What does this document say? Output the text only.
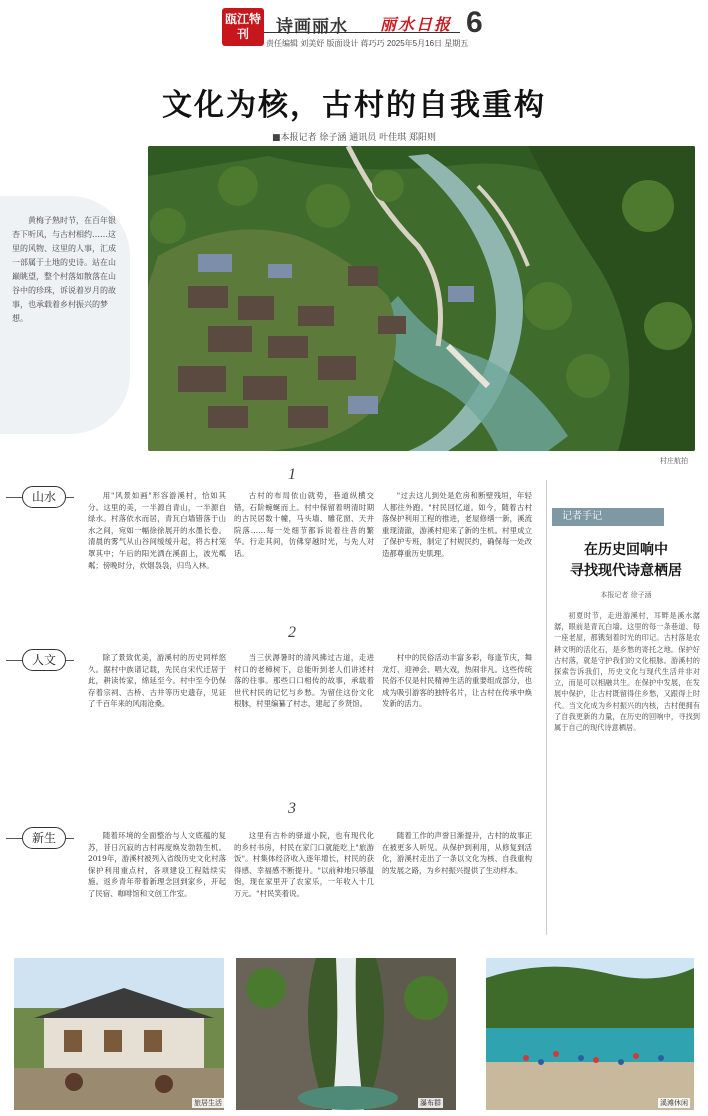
瓯江特刊	诗画丽水 丽水日报 6
责任编辑 刘美妤 版面设计 蒋巧巧 2025年5月16日 星期五
文化为核，古村的自我重构
■本报记者 徐子涵 通讯员 叶佳琪 郑阳则
黄梅子熟时节，在百年银杏下听风，与古村相约……这里的风物、这里的人事，汇成一部属于土地的史诗。站在山巅眺望，整个村落如散落在山谷中的珍珠，诉说着岁月的故事，也承载着乡村振兴的梦想。
村庄航拍
山水
1

用"风景如画"形容游溪村，恰如其分。这里的美，一半源自青山，一半源自绿水。村落依水而居，青瓦白墙错落于山水之间，宛如一幅徐徐展开的水墨长卷。清晨的雾气从山谷间缓缓升起，将古村笼罩其中；午后的阳光洒在溪面上，波光粼粼；傍晚时分，炊烟袅袅，归鸟入林。

古村的布局依山就势，巷道纵横交错，石阶蜿蜒而上。村中保留着明清时期的古民居数十幢，马头墙、雕花窗、天井院落……每一处细节都诉说着往昔的繁华。行走其间，仿佛穿越时光，与先人对话。

"过去这儿到处是危房和断壁残垣，年轻人都往外跑。"村民回忆道。如今，随着古村落保护利用工程的推进，老屋修缮一新，溪流重现清澈，游溪村迎来了新的生机。村里成立了保护专班，制定了村规民约，确保每一处改造都尊重历史肌理。

人文
2

除了景致优美，游溪村的历史同样悠久。据村中族谱记载，先民自宋代迁居于此，耕读传家，绵延至今。村中至今仍保存着宗祠、古桥、古井等历史遗存，见证了千百年来的风雨沧桑。

当三伏溽暑时的清风拂过古道，走进村口的老樟树下，总能听到老人们讲述村落的往事。那些口口相传的故事，承载着世代村民的记忆与乡愁。为留住这份文化根脉，村里编纂了村志，建起了乡贤馆。

村中的民俗活动丰富多彩，每逢节庆，舞龙灯、迎神会、唱大戏，热闹非凡。这些传统民俗不仅是村民精神生活的重要组成部分，也成为吸引游客的独特名片，让古村在传承中焕发新的活力。

新生
3

随着环境的全面整治与人文底蕴的复苏，昔日沉寂的古村再度焕发勃勃生机。2019年，游溪村被列入省级历史文化村落保护利用重点村，各项建设工程陆续实施。返乡青年带着新理念回到家乡，开起了民宿、咖啡馆和文创工作室。

这里有古朴的驿道小院，也有现代化的乡村书房，村民在家门口就能吃上"旅游饭"。村集体经济收入逐年增长，村民的获得感、幸福感不断提升。"以前种地只够温饱，现在家里开了农家乐，一年收入十几万元。"村民笑着说。

随着工作的声誉日渐提升，古村的故事正在被更多人听见。从保护到利用，从修复到活化，游溪村走出了一条以文化为核、自我重构的发展之路，为乡村振兴提供了生动样本。

记者手记
在历史回响中
寻找现代诗意栖居
本报记者 徐子涵

初夏时节，走进游溪村，耳畔是溪水潺潺，眼前是青瓦白墙。这里的每一条巷道、每一座老屋，都镌刻着时光的印记。古村落是农耕文明的活化石，是乡愁的寄托之地。保护好古村落，就是守护我们的文化根脉。游溪村的探索告诉我们，历史文化与现代生活并非对立，而是可以相融共生。在保护中发展，在发展中保护，让古村既留得住乡愁，又跟得上时代。当文化成为乡村振兴的内核，古村便拥有了自我更新的力量，在历史的回响中，寻找到属于自己的现代诗意栖居。

旅居生活	瀑布群	溪滩休闲
